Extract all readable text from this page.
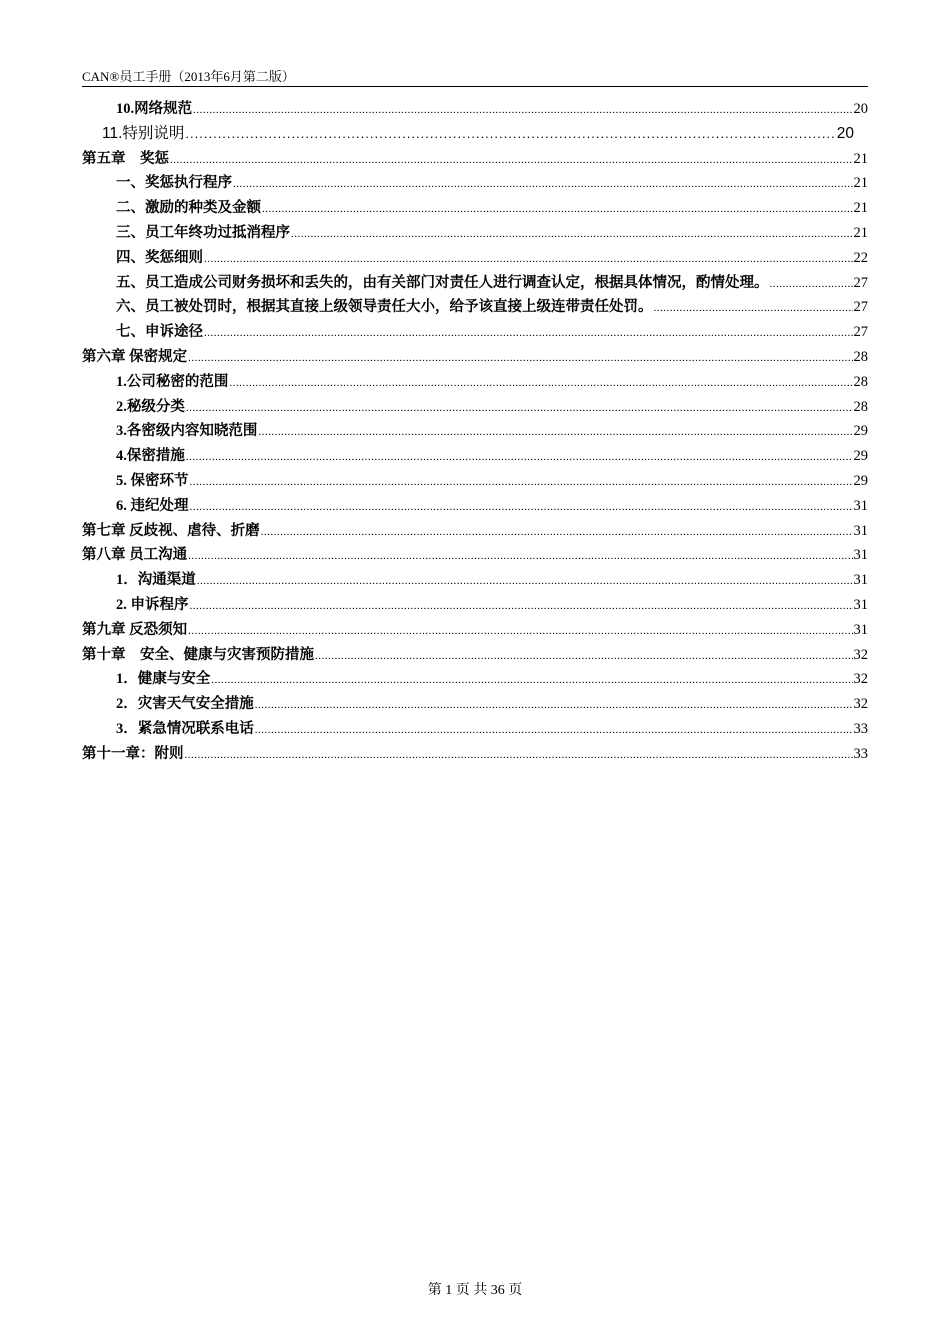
CAN®员工手册（2013年6月第二版）
10.网络规范 .....	20
11.特别说明 .....	20
第五章　奖惩 .....	21
一、奖惩执行程序 .....	21
二、激励的种类及金额 .....	21
三、员工年终功过抵消程序 .....	21
四、奖惩细则 .....	22
五、员工造成公司财务损坏和丢失的，由有关部门对责任人进行调查认定，根据具体情况，酌情处理。 .....	27
六、员工被处罚时，根据其直接上级领导责任大小，给予该直接上级连带责任处罚。 .....	27
七、申诉途径 .....	27
第六章 保密规定 .....	28
1.公司秘密的范围 .....	28
2.秘级分类 .....	28
3.各密级内容知晓范围 .....	29
4.保密措施 .....	29
5. 保密环节 .....	29
6. 违纪处理 .....	31
第七章 反歧视、虐待、折磨 .....	31
第八章 员工沟通 .....	31
1．沟通渠道 .....	31
2. 申诉程序 .....	31
第九章 反恐须知 .....	31
第十章　安全、健康与灾害预防措施 .....	32
1．健康与安全 .....	32
2．灾害天气安全措施 .....	32
3．紧急情况联系电话 .....	33
第十一章：附则 .....	33
第 1 页 共 36 页
